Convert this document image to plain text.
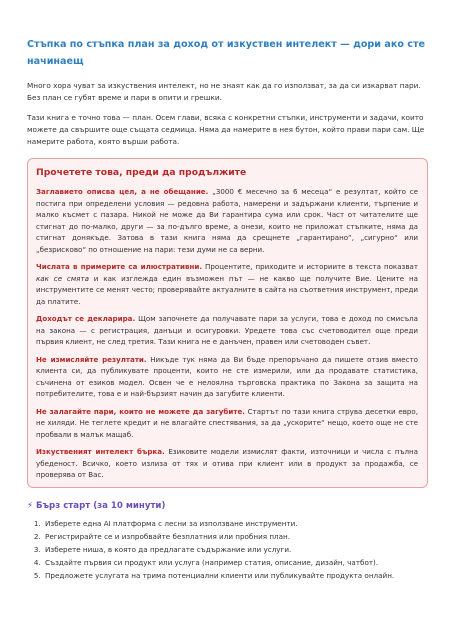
Стъпка по стъпка план за доход от изкуствен интелект — дори ако сте начинаещ

Много хора чуват за изкуствения интелект, но не знаят как да го използват, за да си изкарват пари. Без план се губят време и пари в опити и грешки.

Тази книга е точно това — план. Осем глави, всяка с конкретни стъпки, инструменти и задачи, които можете да свършите още същата седмица. Няма да намерите в нея бутон, който прави пари сам. Ще намерите работа, която върши работа.

Прочетете това, преди да продължите

Заглавието описва цел, а не обещание. „3000 € месечно за 6 месеца“ е резултат, който се постига при определени условия — редовна работа, намерени и задържани клиенти, търпение и малко късмет с пазара. Никой не може да Ви гарантира сума или срок. Част от читателите ще стигнат до по-малко, други — за по-дълго време, а онези, които не приложат стъпките, няма да стигнат донякъде. Затова в тази книга няма да срещнете „гарантирано“, „сигурно“ или „безрисково“ по отношение на пари: тези думи не са верни.

Числата в примерите са илюстративни. Процентите, приходите и историите в текста показват как се смята и как изглежда един възможен път — не какво ще получите Вие. Цените на инструментите се менят често; проверявайте актуалните в сайта на съответния инструмент, преди да платите.

Доходът се декларира. Щом започнете да получавате пари за услуги, това е доход по смисъла на закона — с регистрация, данъци и осигуровки. Уредете това със счетоводител още преди първия клиент, не след третия. Тази книга не е данъчен, правен или счетоводен съвет.

Не измисляйте резултати. Никъде тук няма да Ви бъде препоръчано да пишете отзив вместо клиента си, да публикувате проценти, които не сте измерили, или да продавате статистика, съчинена от езиков модел. Освен че е нелоялна търговска практика по Закона за защита на потребителите, това е и най-бързият начин да загубите клиенти.

Не залагайте пари, които не можете да загубите. Стартът по тази книга струва десетки евро, не хиляди. Не теглете кредит и не влагайте спестявания, за да „ускорите“ нещо, което още не сте пробвали в малък мащаб.

Изкуственият интелект бърка. Езиковите модели измислят факти, източници и числа с пълна убеденост. Всичко, което излиза от тях и отива при клиент или в продукт за продажба, се проверява от Вас.

⚡ Бърз старт (за 10 минути)
1. Изберете една AI платформа с лесни за използване инструменти.
2. Регистрирайте се и изпробвайте безплатния или пробния план.
3. Изберете ниша, в която да предлагате съдържание или услуги.
4. Създайте първия си продукт или услуга (например статия, описание, дизайн, чатбот).
5. Предложете услугата на трима потенциални клиенти или публикувайте продукта онлайн.
